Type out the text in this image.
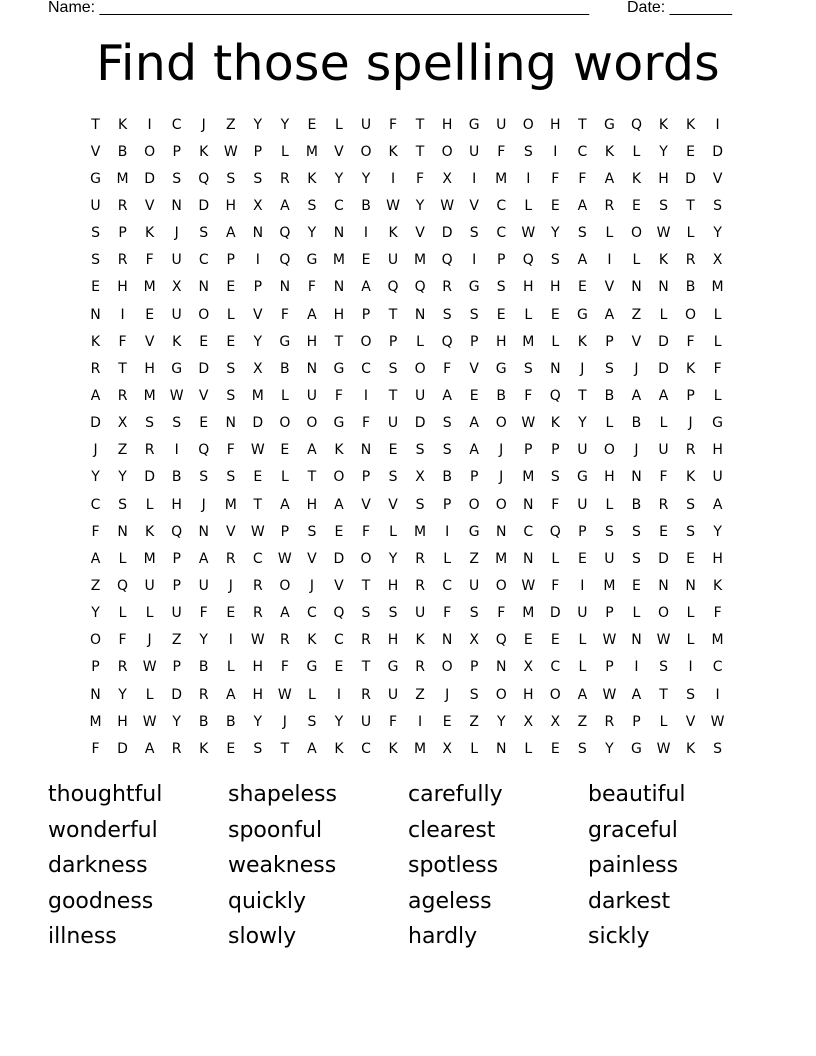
Name: _______________________________________________________ Date: _______
Find those spelling words
T	K	I	C	J	Z	Y	Y	E	L	U	F	T	H	G	U	O	H	T	G	Q	K	K	I
V	B	O	P	K	W	P	L	M	V	O	K	T	O	U	F	S	I	C	K	L	Y	E	D
G	M	D	S	Q	S	S	R	K	Y	Y	I	F	X	I	M	I	F	F	A	K	H	D	V
U	R	V	N	D	H	X	A	S	C	B	W	Y	W	V	C	L	E	A	R	E	S	T	S
S	P	K	J	S	A	N	Q	Y	N	I	K	V	D	S	C	W	Y	S	L	O	W	L	Y
S	R	F	U	C	P	I	Q	G	M	E	U	M	Q	I	P	Q	S	A	I	L	K	R	X
E	H	M	X	N	E	P	N	F	N	A	Q	Q	R	G	S	H	H	E	V	N	N	B	M
N	I	E	U	O	L	V	F	A	H	P	T	N	S	S	E	L	E	G	A	Z	L	O	L
K	F	V	K	E	E	Y	G	H	T	O	P	L	Q	P	H	M	L	K	P	V	D	F	L
R	T	H	G	D	S	X	B	N	G	C	S	O	F	V	G	S	N	J	S	J	D	K	F
A	R	M	W	V	S	M	L	U	F	I	T	U	A	E	B	F	Q	T	B	A	A	P	L
D	X	S	S	E	N	D	O	O	G	F	U	D	S	A	O	W	K	Y	L	B	L	J	G
J	Z	R	I	Q	F	W	E	A	K	N	E	S	S	A	J	P	P	U	O	J	U	R	H
Y	Y	D	B	S	S	E	L	T	O	P	S	X	B	P	J	M	S	G	H	N	F	K	U
C	S	L	H	J	M	T	A	H	A	V	V	S	P	O	O	N	F	U	L	B	R	S	A
F	N	K	Q	N	V	W	P	S	E	F	L	M	I	G	N	C	Q	P	S	S	E	S	Y
A	L	M	P	A	R	C	W	V	D	O	Y	R	L	Z	M	N	L	E	U	S	D	E	H
Z	Q	U	P	U	J	R	O	J	V	T	H	R	C	U	O	W	F	I	M	E	N	N	K
Y	L	L	U	F	E	R	A	C	Q	S	S	U	F	S	F	M	D	U	P	L	O	L	F
O	F	J	Z	Y	I	W	R	K	C	R	H	K	N	X	Q	E	E	L	W	N	W	L	M
P	R	W	P	B	L	H	F	G	E	T	G	R	O	P	N	X	C	L	P	I	S	I	C
N	Y	L	D	R	A	H	W	L	I	R	U	Z	J	S	O	H	O	A	W	A	T	S	I
M	H	W	Y	B	B	Y	J	S	Y	U	F	I	E	Z	Y	X	X	Z	R	P	L	V	W
F	D	A	R	K	E	S	T	A	K	C	K	M	X	L	N	L	E	S	Y	G	W	K	S
thoughtful	shapeless	carefully	beautiful
wonderful	spoonful	clearest	graceful
darkness	weakness	spotless	painless
goodness	quickly	ageless	darkest
illness	slowly	hardly	sickly
